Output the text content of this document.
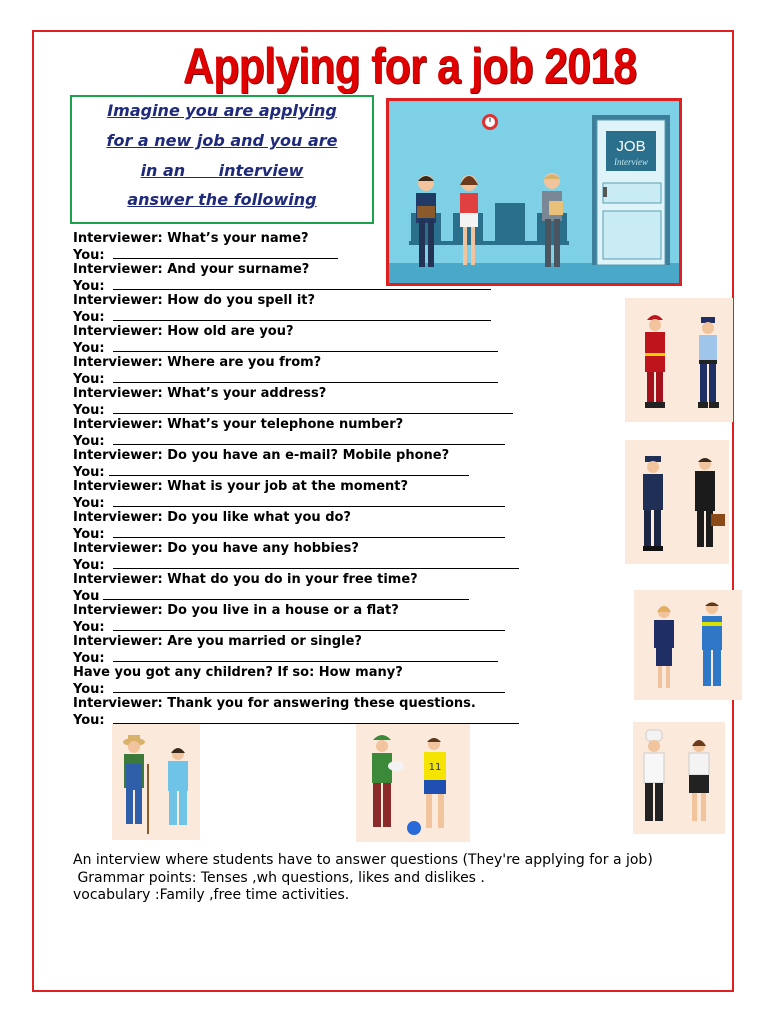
Applying for a job 2018
Imagine you are applying
for a new job and you are
in an      interview
answer the following
JOB
Interview
Interviewer: What’s your name?
You:
Interviewer: And your surname?
You:
Interviewer: How do you spell it?
You:
Interviewer: How old are you?
You:
Interviewer: Where are you from?
You:
Interviewer: What’s your address?
You:
Interviewer: What’s your telephone number?
You:
Interviewer: Do you have an e-mail? Mobile phone?
You:
Interviewer: What is your job at the moment?
You:
Interviewer: Do you like what you do?
You:
Interviewer: Do you have any hobbies?
You:
Interviewer: What do you do in your free time?
You
Interviewer: Do you live in a house or a flat?
You:
Interviewer: Are you married or single?
You:
Have you got any children? If so: How many?
You:
Interviewer: Thank you for answering these questions.
You:
11
An interview where students have to answer questions (They're applying for a job)
Grammar points: Tenses ,wh questions, likes and dislikes .
vocabulary :Family ,free time activities.
